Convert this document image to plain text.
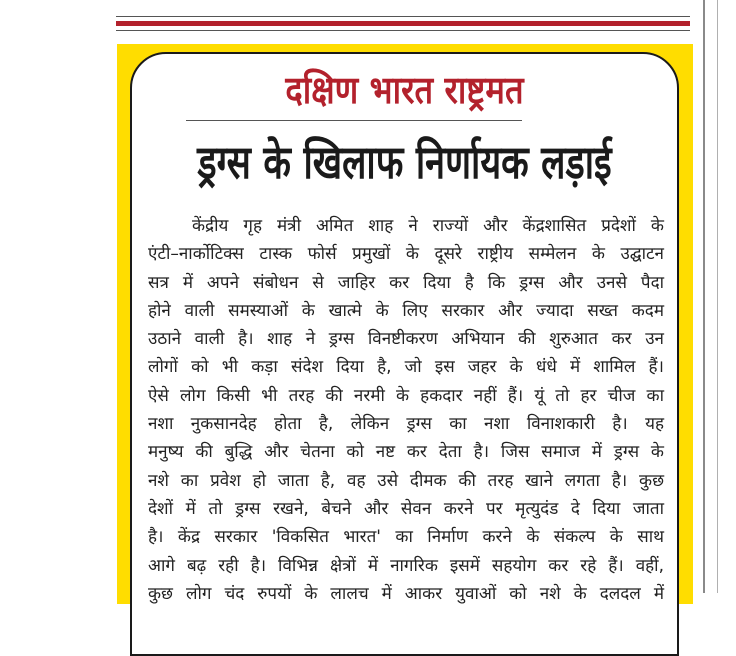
दक्षिण भारत राष्ट्रमत
ड्रग्स के खिलाफ निर्णायक लड़ाई
केंद्रीय गृह मंत्री अमित शाह ने राज्यों और केंद्रशासित प्रदेशों के
एंटी–नार्कोटिक्स टास्क फोर्स प्रमुखों के दूसरे राष्ट्रीय सम्मेलन के उद्घाटन
सत्र में अपने संबोधन से जाहिर कर दिया है कि ड्रग्स और उनसे पैदा
होने वाली समस्याओं के खात्मे के लिए सरकार और ज्यादा सख्त कदम
उठाने वाली है। शाह ने ड्रग्स विनष्टीकरण अभियान की शुरुआत कर उन
लोगों को भी कड़ा संदेश दिया है, जो इस जहर के धंधे में शामिल हैं।
ऐसे लोग किसी भी तरह की नरमी के हकदार नहीं हैं। यूं तो हर चीज का
नशा नुकसानदेह होता है, लेकिन ड्रग्स का नशा विनाशकारी है। यह
मनुष्य की बुद्धि और चेतना को नष्ट कर देता है। जिस समाज में ड्रग्स के
नशे का प्रवेश हो जाता है, वह उसे दीमक की तरह खाने लगता है। कुछ
देशों में तो ड्रग्स रखने, बेचने और सेवन करने पर मृत्युदंड दे दिया जाता
है। केंद्र सरकार 'विकसित भारत' का निर्माण करने के संकल्प के साथ
आगे बढ़ रही है। विभिन्न क्षेत्रों में नागरिक इसमें सहयोग कर रहे हैं। वहीं,
कुछ लोग चंद रुपयों के लालच में आकर युवाओं को नशे के दलदल में
